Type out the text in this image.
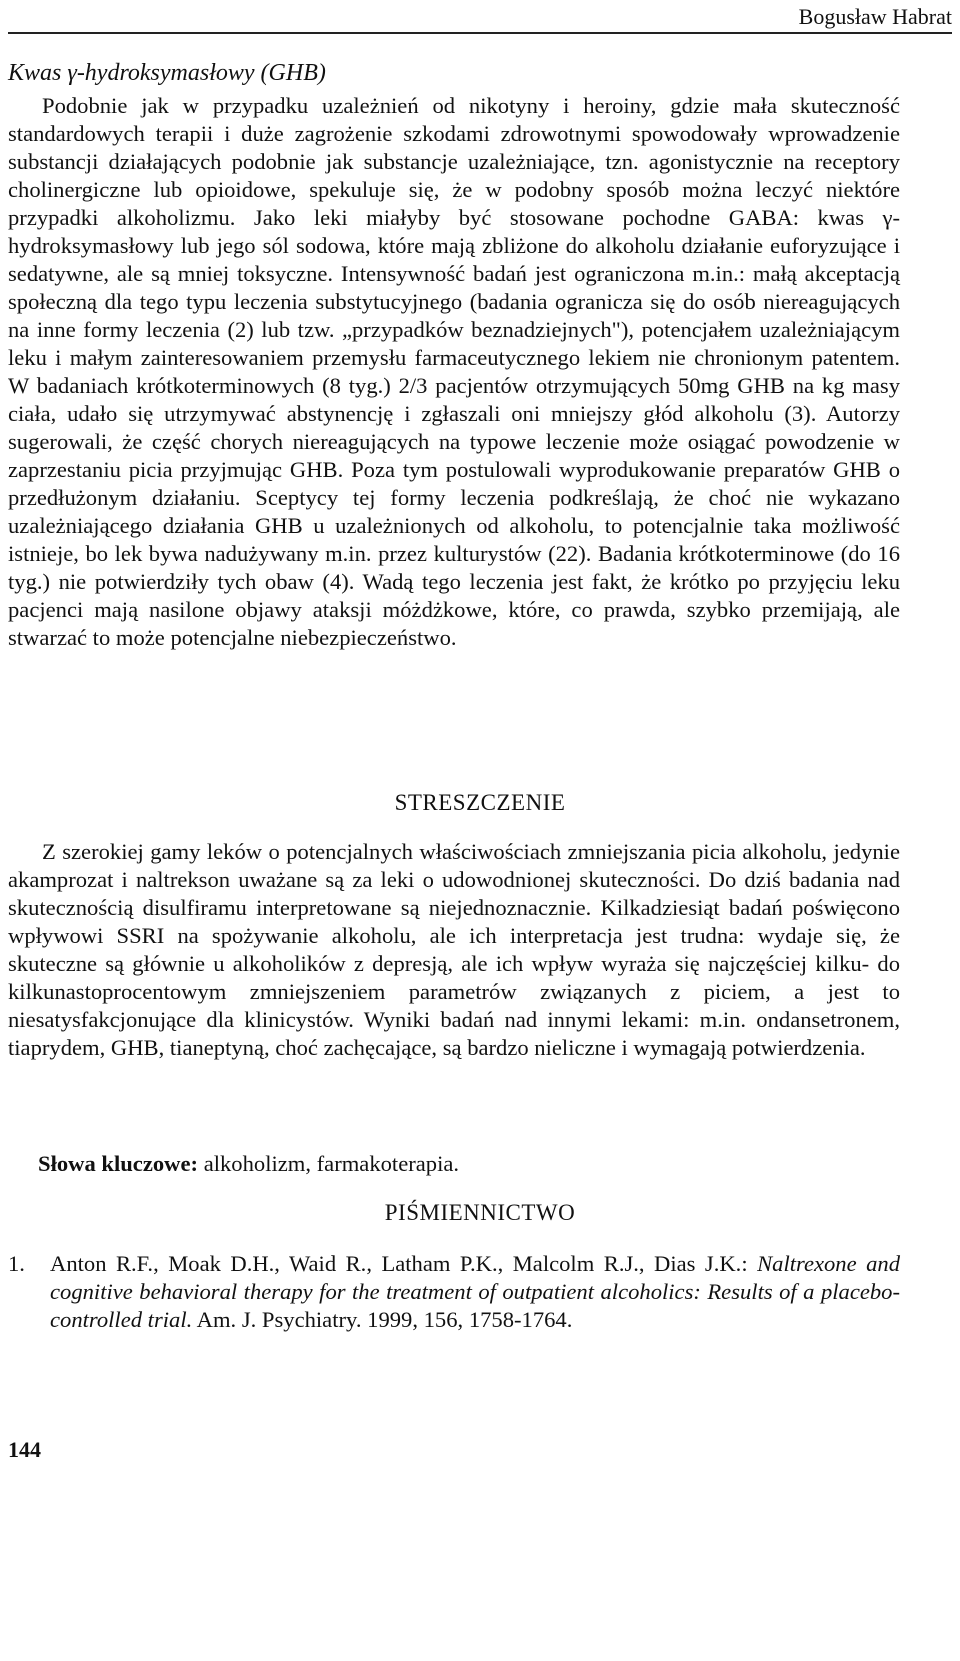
Bogusław Habrat
Kwas γ-hydroksymasłowy (GHB)

Podobnie jak w przypadku uzależnień od nikotyny i heroiny, gdzie mała skuteczność standardowych terapii i duże zagrożenie szkodami zdrowotnymi spowodowały wprowadzenie substancji działających podobnie jak substancje uzależniające, tzn. agonistycznie na receptory cholinergiczne lub opioidowe, spekuluje się, że w podobny sposób można leczyć niektóre przypadki alkoholizmu. Jako leki miałyby być stosowane pochodne GABA: kwas γ-hydroksymasłowy lub jego sól sodowa, które mają zbliżone do alkoholu działanie euforyzujące i sedatywne, ale są mniej toksyczne. Intensywność badań jest ograniczona m.in.: małą akceptacją społeczną dla tego typu leczenia substytucyjnego (badania ogranicza się do osób niereagujących na inne formy leczenia (2) lub tzw. „przypadków beznadziejnych"), potencjałem uzależniającym leku i małym zainteresowaniem przemysłu farmaceutycznego lekiem nie chronionym patentem. W badaniach krótkoterminowych (8 tyg.) 2/3 pacjentów otrzymujących 50mg GHB na kg masy ciała, udało się utrzymywać abstynencję i zgłaszali oni mniejszy głód alkoholu (3). Autorzy sugerowali, że część chorych niereagujących na typowe leczenie może osiągać powodzenie w zaprzestaniu picia przyjmując GHB. Poza tym postulowali wyprodukowanie preparatów GHB o przedłużonym działaniu. Sceptycy tej formy leczenia podkreślają, że choć nie wykazano uzależniającego działania GHB u uzależnionych od alkoholu, to potencjalnie taka możliwość istnieje, bo lek bywa nadużywany m.in. przez kulturystów (22). Badania krótkoterminowe (do 16 tyg.) nie potwierdziły tych obaw (4). Wadą tego leczenia jest fakt, że krótko po przyjęciu leku pacjenci mają nasilone objawy ataksji móżdżkowe, które, co prawda, szybko przemijają, ale stwarzać to może potencjalne niebezpieczeństwo.

STRESZCZENIE

Z szerokiej gamy leków o potencjalnych właściwościach zmniejszania picia alkoholu, jedynie akamprozat i naltrekson uważane są za leki o udowodnionej skuteczności. Do dziś badania nad skutecznością disulfiramu interpretowane są niejednoznacznie. Kilkadziesiąt badań poświęcono wpływowi SSRI na spożywanie alkoholu, ale ich interpretacja jest trudna: wydaje się, że skuteczne są głównie u alkoholików z depresją, ale ich wpływ wyraża się najczęściej kilku- do kilkunastoprocentowym zmniejszeniem parametrów związanych z piciem, a jest to niesatysfakcjonujące dla klinicystów. Wyniki badań nad innymi lekami: m.in. ondansetronem, tiaprydem, GHB, tianeptyną, choć zachęcające, są bardzo nieliczne i wymagają potwierdzenia.

Słowa kluczowe: alkoholizm, farmakoterapia.
PIŚMIENNICTWO
1.	Anton R.F., Moak D.H., Waid R., Latham P.K., Malcolm R.J., Dias J.K.: Naltrexone and cognitive behavioral therapy for the treatment of outpatient alcoholics: Results of a placebo-controlled trial. Am. J. Psychiatry. 1999, 156, 1758-1764.
144
